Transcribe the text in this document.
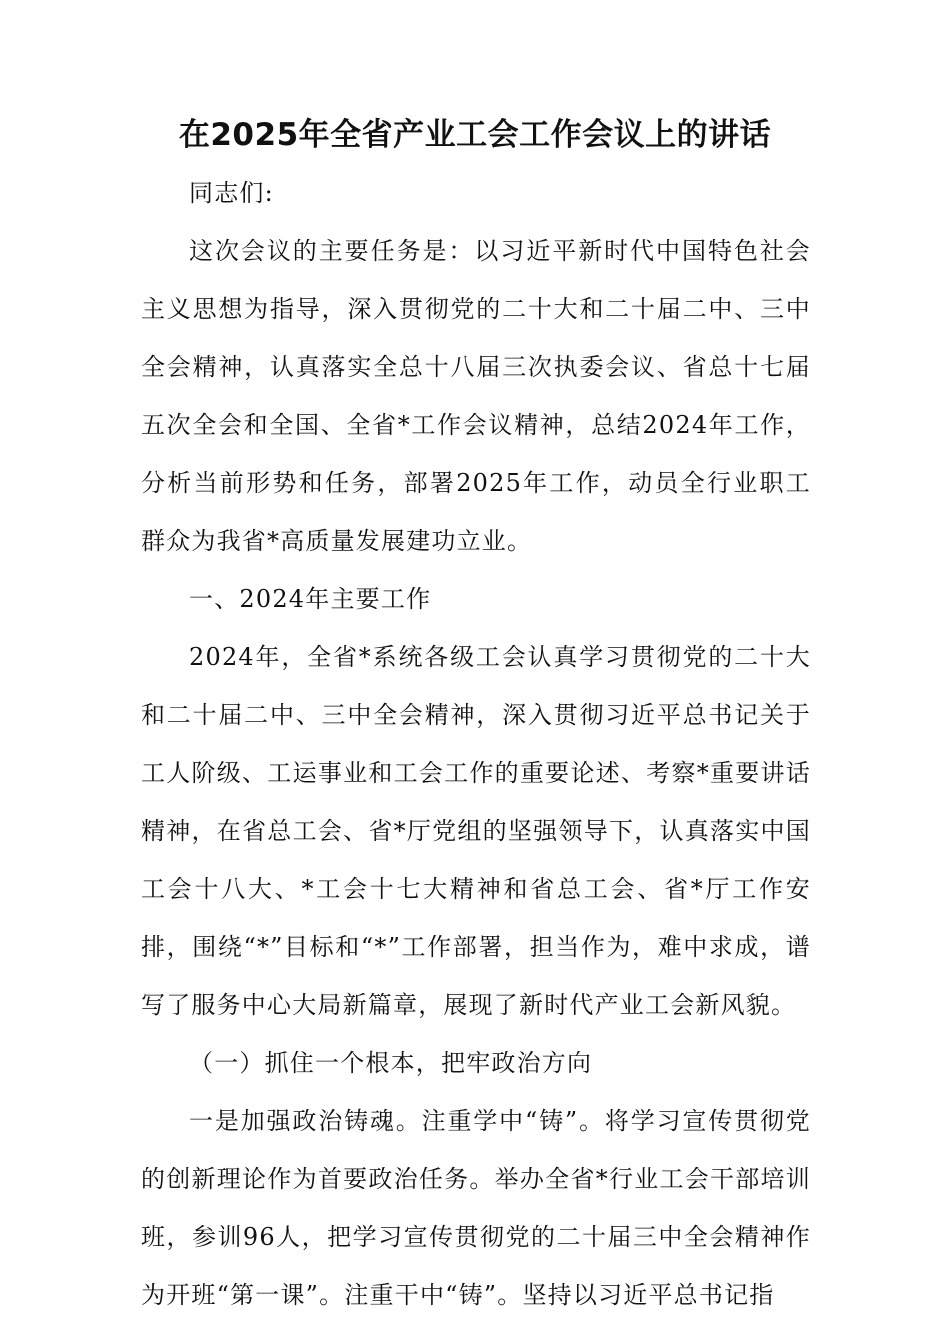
在2025年全省产业工会工作会议上的讲话

同志们:

这次会议的主要任务是：以习近平新时代中国特色社会主义思想为指导，深入贯彻党的二十大和二十届二中、三中全会精神，认真落实全总十八届三次执委会议、省总十七届五次全会和全国、全省*工作会议精神，总结2024年工作，分析当前形势和任务，部署2025年工作，动员全行业职工群众为我省*高质量发展建功立业。

一、2024年主要工作

2024年，全省*系统各级工会认真学习贯彻党的二十大和二十届二中、三中全会精神，深入贯彻习近平总书记关于工人阶级、工运事业和工会工作的重要论述、考察*重要讲话精神，在省总工会、省*厅党组的坚强领导下，认真落实中国工会十八大、*工会十七大精神和省总工会、省*厅工作安排，围绕“*”目标和“*”工作部署，担当作为，难中求成，谱写了服务中心大局新篇章，展现了新时代产业工会新风貌。

（一）抓住一个根本，把牢政治方向

一是加强政治铸魂。注重学中“铸”。将学习宣传贯彻党的创新理论作为首要政治任务。举办全省*行业工会干部培训班，参训96人，把学习宣传贯彻党的二十届三中全会精神作为开班“第一课”。注重干中“铸”。坚持以习近平总书记指
